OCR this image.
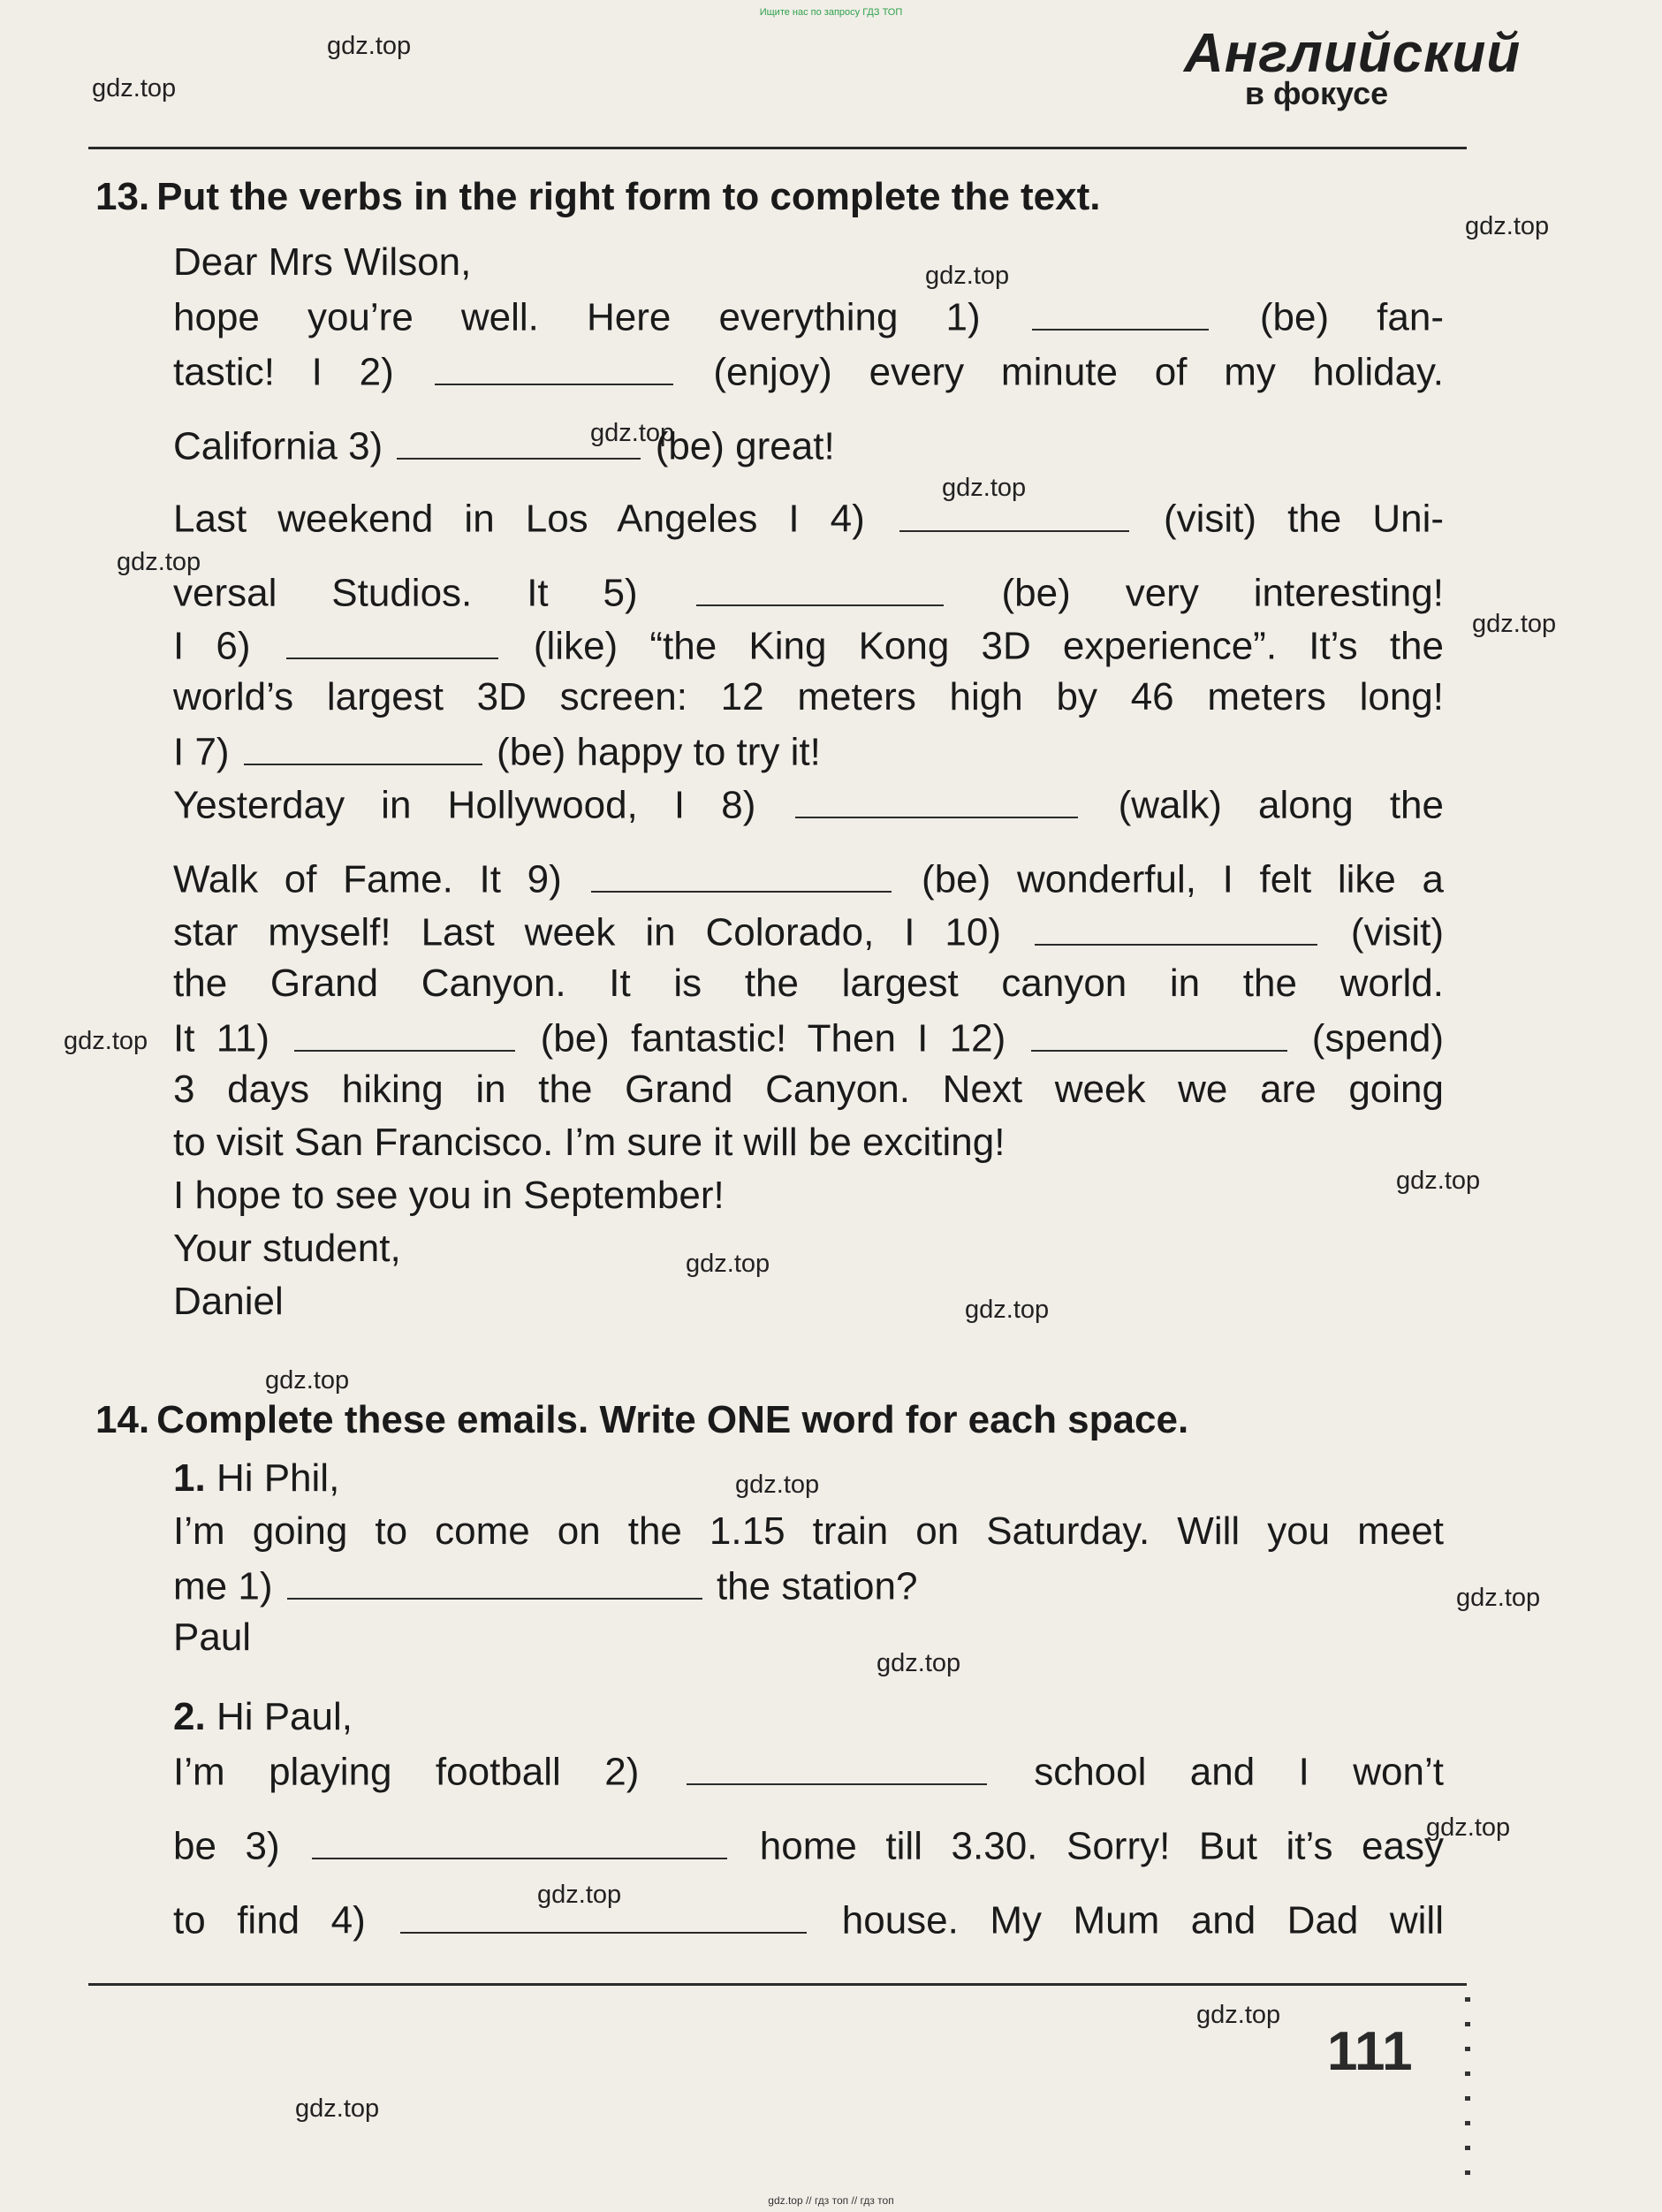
Ищите нас по запросу ГДЗ ТОП
Английский
в фокусе
gdz.top
gdz.top
gdz.top
gdz.top
gdz.top
gdz.top
gdz.top
gdz.top
gdz.top
gdz.top
gdz.top
gdz.top
gdz.top
gdz.top
gdz.top
gdz.top
gdz.top
gdz.top
gdz.top
gdz.top
13. Put the verbs in the right form to complete the text.
Dear Mrs Wilson,
hope you’re well. Here everything 1)	(be) fan-
tastic! I 2)	(enjoy) every minute of my holiday.
California 3)	(be) great!
Last weekend in Los Angeles I 4)	(visit) the Uni-
versal Studios. It 5)	(be) very interesting!
I 6)	(like) “the King Kong 3D experience”. It’s the
world’s largest 3D screen: 12 meters high by 46 meters long!
I 7)	(be) happy to try it!
Yesterday in Hollywood, I 8)	(walk) along the
Walk of Fame. It 9)	(be) wonderful, I felt like a
star myself! Last week in Colorado, I 10)	(visit)
the Grand Canyon. It is the largest canyon in the world.
It 11)	(be) fantastic! Then I 12)	(spend)
3 days hiking in the Grand Canyon. Next week we are going
to visit San Francisco. I’m sure it will be exciting!
I hope to see you in September!
Your student,
Daniel
14. Complete these emails. Write ONE word for each space.
1. Hi Phil,
I’m going to come on the 1.15 train on Saturday. Will you meet
me 1)	the station?
Paul
2. Hi Paul,
I’m playing football 2)	school and I won’t
be 3)	home till 3.30. Sorry! But it’s easy
to find 4)	house. My Mum and Dad will
111
gdz.top // гдз топ // гдз топ
